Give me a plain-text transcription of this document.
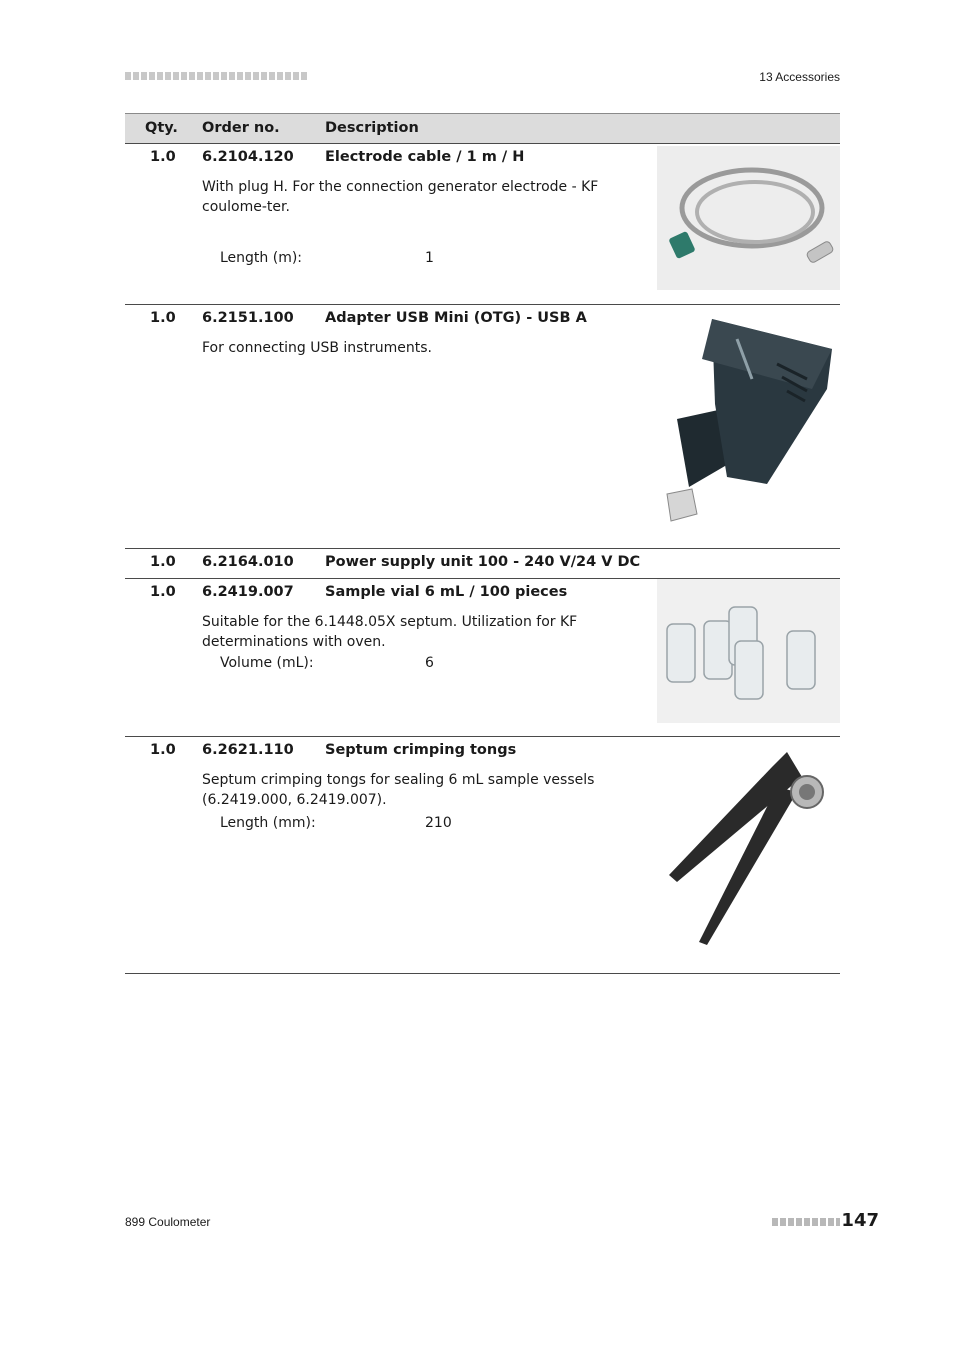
13 Accessories
Qty. Order no.	Description
1.0 6.2104.120 Electrode cable / 1 m / H
With plug H. For the connection generator electrode - KF coulome-ter.
Length (m):	1
1.0 6.2151.100 Adapter USB Mini (OTG) - USB A
For connecting USB instruments.
1.0 6.2164.010 Power supply unit 100 - 240 V/24 V DC
1.0 6.2419.007 Sample vial 6 mL / 100 pieces
Suitable for the 6.1448.05X septum. Utilization for KF determinations with oven.
Volume (mL):	6
1.0 6.2621.110 Septum crimping tongs
Septum crimping tongs for sealing 6 mL sample vessels (6.2419.000, 6.2419.007).
Length (mm):	210
899 Coulometer	147
